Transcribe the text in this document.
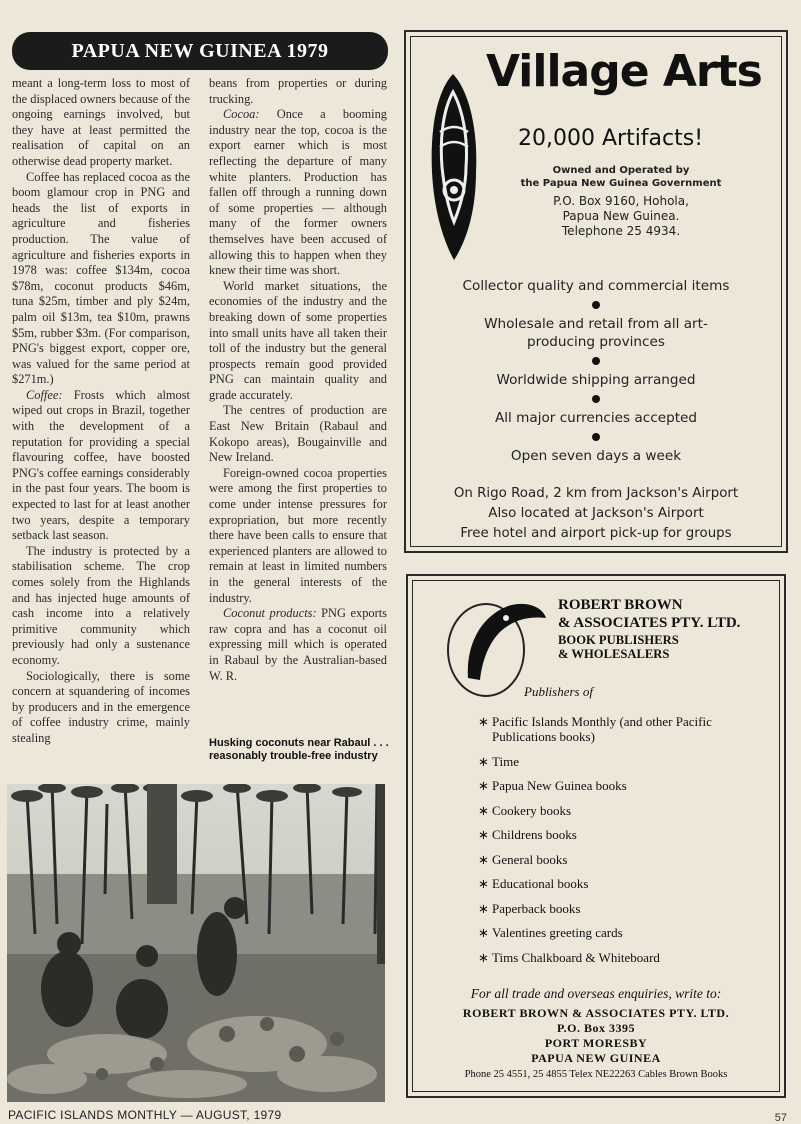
PAPUA NEW GUINEA 1979

meant a long-term loss to most of the displaced owners because of the ongoing earnings involved, but they have at least permitted the realisation of capital on an otherwise dead property market.

Coffee has replaced cocoa as the boom glamour crop in PNG and heads the list of exports in agriculture and fisheries production. The value of agriculture and fisheries exports in 1978 was: coffee $134m, cocoa $78m, coconut products $46m, tuna $25m, timber and ply $24m, palm oil $13m, tea $10m, prawns $5m, rubber $3m. (For comparison, PNG's biggest export, copper ore, was valued for the same period at $271m.)

Coffee: Frosts which almost wiped out crops in Brazil, together with the development of a reputation for providing a special flavouring coffee, have boosted PNG's coffee earnings considerably in the past four years. The boom is expected to last for at least another two years, despite a temporary setback last season.

The industry is protected by a stabilisation scheme. The crop comes solely from the Highlands and has injected huge amounts of cash income into a relatively primitive community which previously had only a sustenance economy.

Sociologically, there is some concern at squandering of incomes by producers and in the emergence of coffee industry crime, mainly stealing

beans from properties or during trucking.

Cocoa: Once a booming industry near the top, cocoa is the export earner which is most reflecting the departure of many white planters. Production has fallen off through a running down of some properties — although many of the former owners themselves have been accused of allowing this to happen when they knew their time was short.

World market situations, the economies of the industry and the breaking down of some properties into small units have all taken their toll of the industry but the general prospects remain good provided PNG can maintain quality and grade accurately.

The centres of production are East New Britain (Rabaul and Kokopo areas), Bougainville and New Ireland.

Foreign-owned cocoa properties were among the first properties to come under intense pressures for expropriation, but more recently there have been calls to ensure that experienced planters are allowed to remain at least in limited numbers in the general interests of the industry.

Coconut products: PNG exports raw copra and has a coconut oil expressing mill which is operated in Rabaul by the Australian-based W. R.

Husking coconuts near Rabaul . . . reasonably trouble-free industry
PACIFIC ISLANDS MONTHLY — AUGUST, 1979	57
Village Arts
20,000 Artifacts!
Owned and Operated by
the Papua New Guinea Government
P.O. Box 9160, Hohola,
Papua New Guinea.
Telephone 25 4934.
Collector quality and commercial items
Wholesale and retail from all art-producing provinces
Worldwide shipping arranged
All major currencies accepted
Open seven days a week
On Rigo Road, 2 km from Jackson's Airport
Also located at Jackson's Airport
Free hotel and airport pick-up for groups
ROBERT BROWN
& ASSOCIATES PTY. LTD.
BOOK PUBLISHERS
& WHOLESALERS
Publishers of
∗ Pacific Islands Monthly (and other Pacific Publications books)
∗ Time
∗ Papua New Guinea books
∗ Cookery books
∗ Childrens books
∗ General books
∗ Educational books
∗ Paperback books
∗ Valentines greeting cards
∗ Tims Chalkboard & Whiteboard
For all trade and overseas enquiries, write to:
ROBERT BROWN & ASSOCIATES PTY. LTD.
P.O. Box 3395
PORT MORESBY
PAPUA NEW GUINEA
Phone 25 4551, 25 4855 Telex NE22263 Cables Brown Books
